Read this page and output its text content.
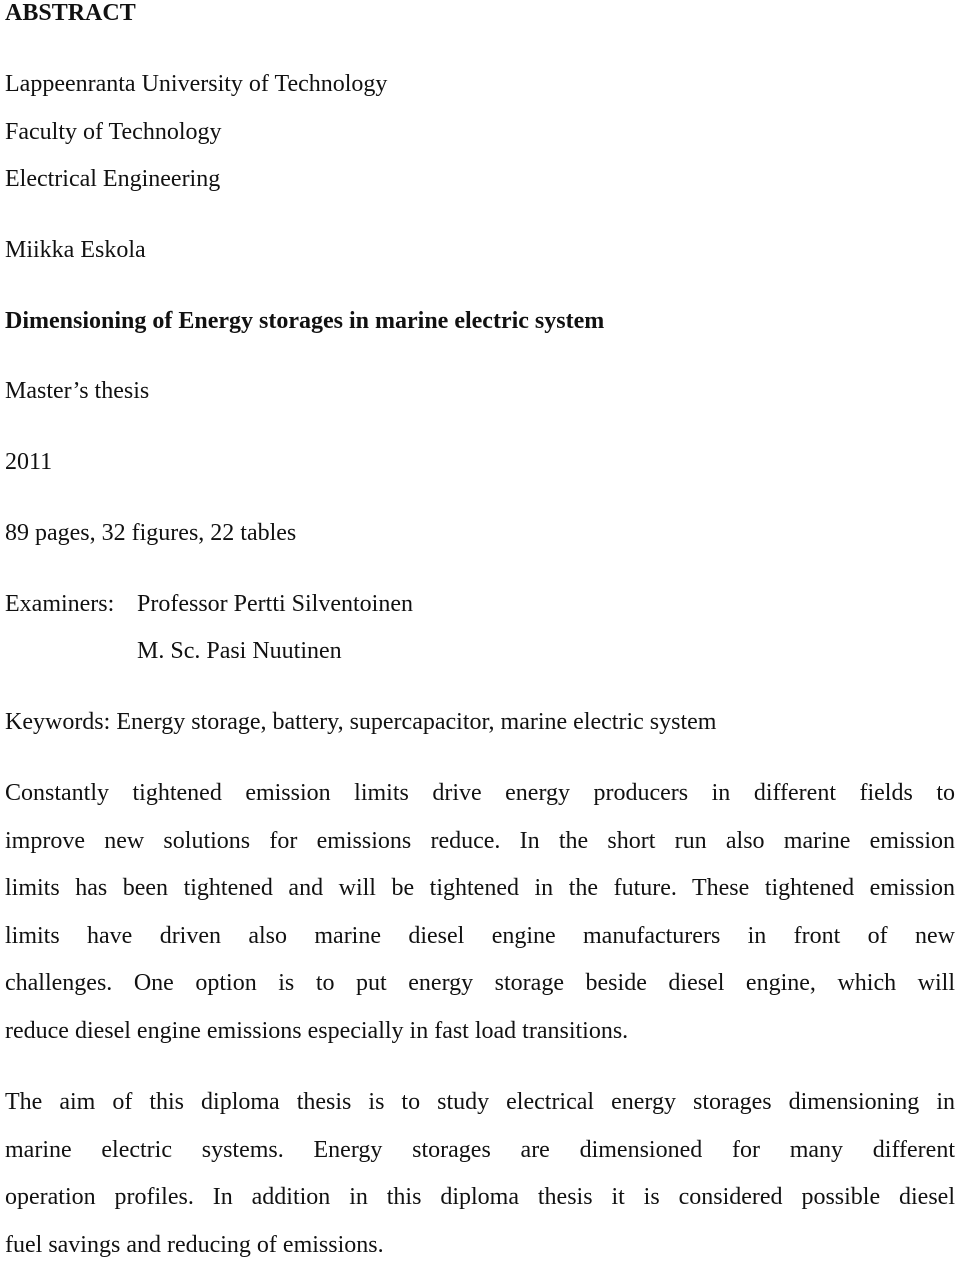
ABSTRACT
Lappeenranta University of Technology
Faculty of Technology
Electrical Engineering
Miikka Eskola
Dimensioning of Energy storages in marine electric system
Master’s thesis
2011
89 pages, 32 figures, 22 tables
Examiners: Professor Pertti Silventoinen
M. Sc. Pasi Nuutinen
Keywords: Energy storage, battery, supercapacitor, marine electric system
Constantly tightened emission limits drive energy producers in different fields to
improve new solutions for emissions reduce. In the short run also marine emission
limits has been tightened and will be tightened in the future. These tightened emission
limits have driven also marine diesel engine manufacturers in front of new
challenges. One option is to put energy storage beside diesel engine, which will
reduce diesel engine emissions especially in fast load transitions.
The aim of this diploma thesis is to study electrical energy storages dimensioning in
marine electric systems. Energy storages are dimensioned for many different
operation profiles. In addition in this diploma thesis it is considered possible diesel
fuel savings and reducing of emissions.
